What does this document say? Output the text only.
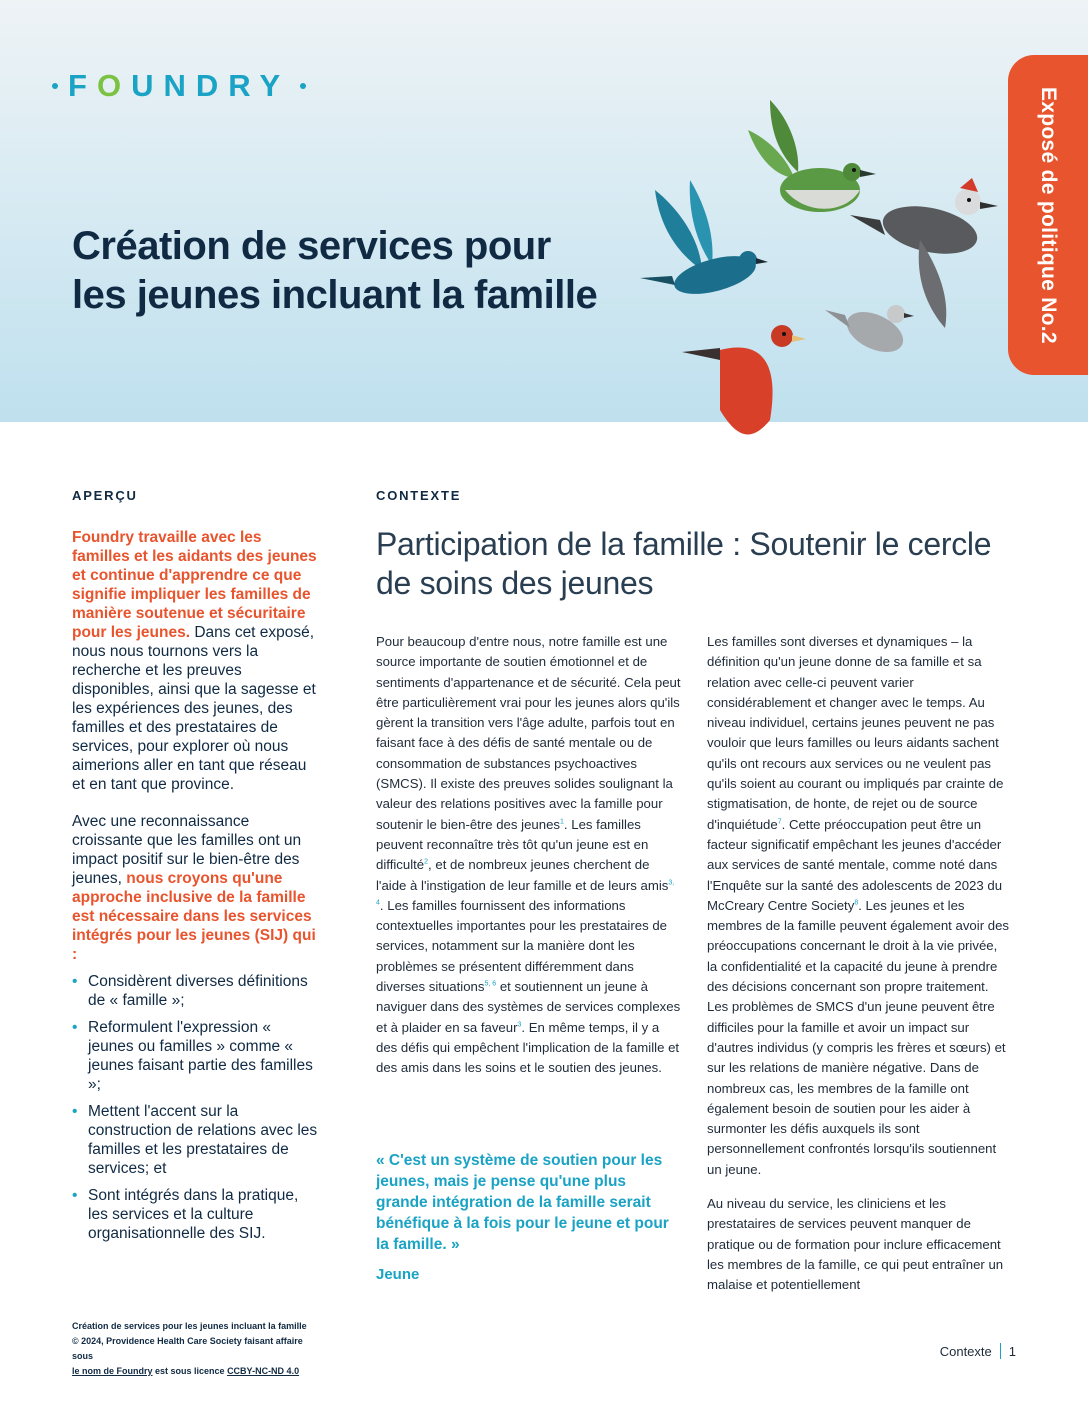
FOUNDRY
Création de services pour
les jeunes incluant la famille	Exposé de politique No.2
APERÇU

Foundry travaille avec les familles et les aidants des jeunes et continue d'apprendre ce que signifie impliquer les familles de manière soutenue et sécuritaire pour les jeunes. Dans cet exposé, nous nous tournons vers la recherche et les preuves disponibles, ainsi que la sagesse et les expériences des jeunes, des familles et des prestataires de services, pour explorer où nous aimerions aller en tant que réseau et en tant que province.

Avec une reconnaissance croissante que les familles ont un impact positif sur le bien-être des jeunes, nous croyons qu'une approche inclusive de la famille est nécessaire dans les services intégrés pour les jeunes (SIJ) qui :

• Considèrent diverses définitions de « famille »;
• Reformulent l'expression « jeunes ou familles » comme « jeunes faisant partie des familles »;
• Mettent l'accent sur la construction de relations avec les familles et les prestataires de services; et
• Sont intégrés dans la pratique, les services et la culture organisationnelle des SIJ.
CONTEXTE
Participation de la famille : Soutenir le cercle de soins des jeunes

Pour beaucoup d'entre nous, notre famille est une source importante de soutien émotionnel et de sentiments d'appartenance et de sécurité. Cela peut être particulièrement vrai pour les jeunes alors qu'ils gèrent la transition vers l'âge adulte, parfois tout en faisant face à des défis de santé mentale ou de consommation de substances psychoactives (SMCS). Il existe des preuves solides soulignant la valeur des relations positives avec la famille pour soutenir le bien-être des jeunes$^1$. Les familles peuvent reconnaître très tôt qu'un jeune est en difficulté$^2$, et de nombreux jeunes cherchent de l'aide à l'instigation de leur famille et de leurs amis$^{3, 4}$. Les familles fournissent des informations contextuelles importantes pour les prestataires de services, notamment sur la manière dont les problèmes se présentent différemment dans diverses situations$^{5, 6}$ et soutiennent un jeune à naviguer dans des systèmes de services complexes et à plaider en sa faveur$^3$. En même temps, il y a des défis qui empêchent l'implication de la famille et des amis dans les soins et le soutien des jeunes.

« C'est un système de soutien pour les jeunes, mais je pense qu'une plus grande intégration de la famille serait bénéfique à la fois pour le jeune et pour la famille. »
Jeune

Les familles sont diverses et dynamiques – la définition qu'un jeune donne de sa famille et sa relation avec celle-ci peuvent varier considérablement et changer avec le temps. Au niveau individuel, certains jeunes peuvent ne pas vouloir que leurs familles ou leurs aidants sachent qu'ils ont recours aux services ou ne veulent pas qu'ils soient au courant ou impliqués par crainte de stigmatisation, de honte, de rejet ou de source d'inquiétude$^7$. Cette préoccupation peut être un facteur significatif empêchant les jeunes d'accéder aux services de santé mentale, comme noté dans l'Enquête sur la santé des adolescents de 2023 du McCreary Centre Society$^8$. Les jeunes et les membres de la famille peuvent également avoir des préoccupations concernant le droit à la vie privée, la confidentialité et la capacité du jeune à prendre des décisions concernant son propre traitement. Les problèmes de SMCS d'un jeune peuvent être difficiles pour la famille et avoir un impact sur d'autres individus (y compris les frères et sœurs) et sur les relations de manière négative. Dans de nombreux cas, les membres de la famille ont également besoin de soutien pour les aider à surmonter les défis auxquels ils sont personnellement confrontés lorsqu'ils soutiennent un jeune.

Au niveau du service, les cliniciens et les prestataires de services peuvent manquer de pratique ou de formation pour inclure efficacement les membres de la famille, ce qui peut entraîner un malaise et potentiellement

Création de services pour les jeunes incluant la famille
© 2024, Providence Health Care Society faisant affaire sous
le nom de Foundry est sous licence CCBY-NC-ND 4.0
Contexte 1
